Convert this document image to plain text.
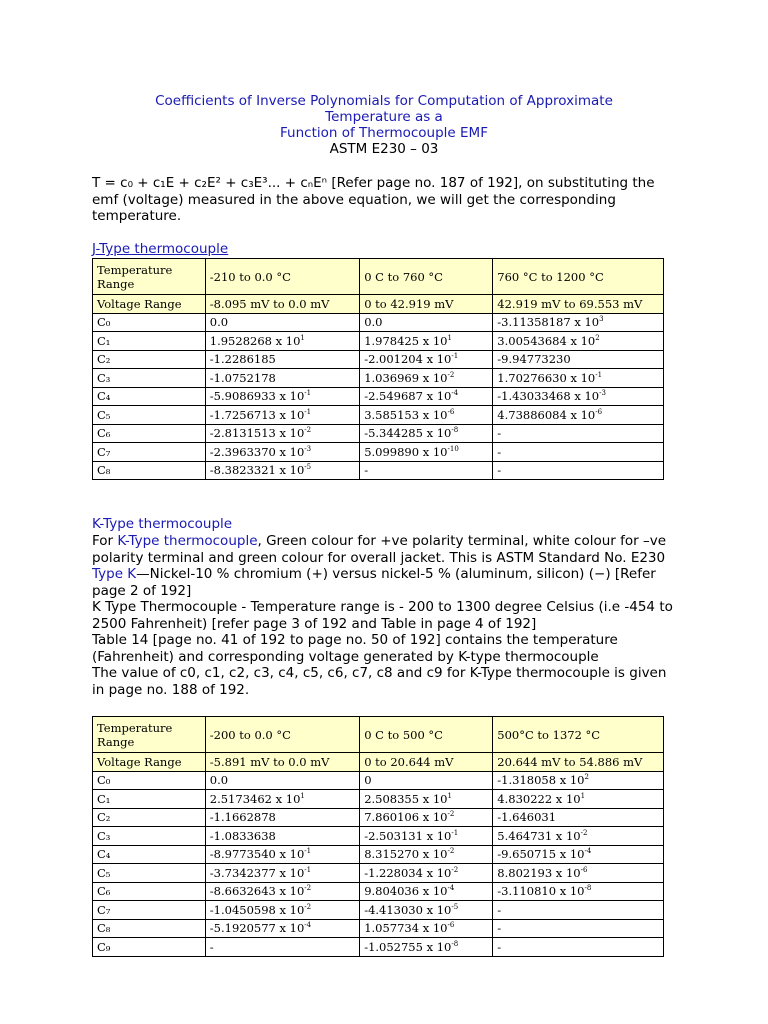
Coefficients of Inverse Polynomials for Computation of Approximate
Temperature as a
Function of Thermocouple EMF
ASTM E230 – 03
T = c₀ + c₁E + c₂E² + c₃E³... + cₙEⁿ [Refer page no. 187 of 192], on substituting the emf (voltage) measured in the above equation, we will get the corresponding temperature.
J-Type thermocouple
Temperature Range	-210 to 0.0 °C	0 C to 760 °C	760 °C to 1200 °C
Voltage Range	-8.095 mV to 0.0 mV	0 to 42.919 mV	42.919 mV to 69.553 mV
C₀	0.0	0.0	-3.11358187 x $10^3$
C₁	1.9528268 x $10^1$	1.978425 x $10^1$	3.00543684 x $10^2$
C₂	-1.2286185	-2.001204 x $10^{-1}$	-9.94773230
C₃	-1.0752178	1.036969 x $10^{-2}$	1.70276630 x $10^{-1}$
C₄	-5.9086933 x $10^{-1}$	-2.549687 x $10^{-4}$	-1.43033468 x $10^{-3}$
C₅	-1.7256713 x $10^{-1}$	3.585153 x $10^{-6}$	4.73886084 x $10^{-6}$
C₆	-2.8131513 x $10^{-2}$	-5.344285 x $10^{-8}$	-
C₇	-2.3963370 x $10^{-3}$	5.099890 x $10^{-10}$	-
C₈	-8.3823321 x $10^{-5}$	-	-
K-Type thermocouple
For K-Type thermocouple, Green colour for +ve polarity terminal, white colour for –ve polarity terminal and green colour for overall jacket. This is ASTM Standard No. E230
Type K—Nickel-10 % chromium (+) versus nickel-5 % (aluminum, silicon) (−) [Refer page 2 of 192]
K Type Thermocouple - Temperature range is - 200 to 1300 degree Celsius (i.e -454 to 2500 Fahrenheit) [refer page 3 of 192 and Table in page 4 of 192]
Table 14 [page no. 41 of 192 to page no. 50 of 192] contains the temperature (Fahrenheit) and corresponding voltage generated by K-type thermocouple
The value of c0, c1, c2, c3, c4, c5, c6, c7, c8 and c9 for K-Type thermocouple is given in page no. 188 of 192.
Temperature Range	-200 to 0.0 °C	0 C to 500 °C	500°C to 1372 °C
Voltage Range	-5.891 mV to 0.0 mV	0 to 20.644 mV	20.644 mV to 54.886 mV
C₀	0.0	0	-1.318058 x $10^2$
C₁	2.5173462 x $10^1$	2.508355 x $10^1$	4.830222 x $10^1$
C₂	-1.1662878	7.860106 x $10^{-2}$	-1.646031
C₃	-1.0833638	-2.503131 x $10^{-1}$	5.464731 x $10^{-2}$
C₄	-8.9773540 x $10^{-1}$	8.315270 x $10^{-2}$	-9.650715 x $10^{-4}$
C₅	-3.7342377 x $10^{-1}$	-1.228034 x $10^{-2}$	8.802193 x $10^{-6}$
C₆	-8.6632643 x $10^{-2}$	9.804036 x $10^{-4}$	-3.110810 x $10^{-8}$
C₇	-1.0450598 x $10^{-2}$	-4.413030 x $10^{-5}$	-
C₈	-5.1920577 x $10^{-4}$	1.057734 x $10^{-6}$	-
C₉	-	-1.052755 x $10^{-8}$	-
